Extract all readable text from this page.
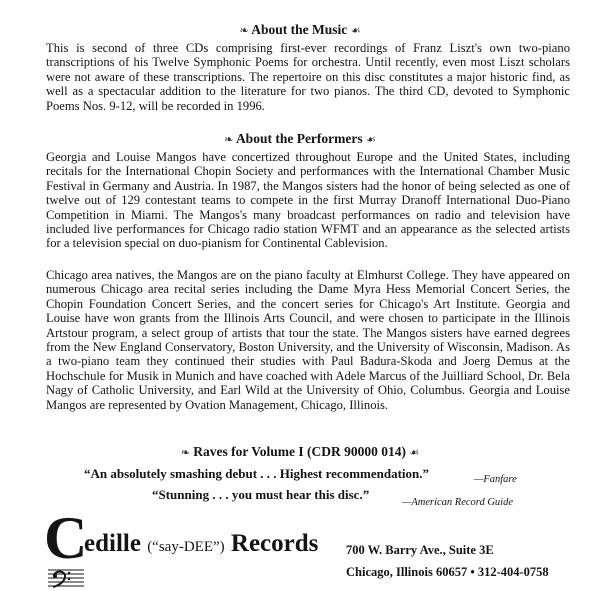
❧ About the Music ☙

This is second of three CDs comprising first-ever recordings of Franz Liszt's own two-piano transcriptions of his Twelve Symphonic Poems for orchestra. Until recently, even most Liszt scholars were not aware of these transcriptions. The repertoire on this disc constitutes a major historic find, as well as a spectacular addition to the literature for two pianos. The third CD, devoted to Symphonic Poems Nos. 9-12, will be recorded in 1996.

❧ About the Performers ☙

Georgia and Louise Mangos have concertized throughout Europe and the United States, including recitals for the International Chopin Society and performances with the International Chamber Music Festival in Germany and Austria. In 1987, the Mangos sisters had the honor of being selected as one of twelve out of 129 contestant teams to compete in the first Murray Dranoff International Duo-Piano Competition in Miami. The Mangos's many broadcast performances on radio and television have included live performances for Chicago radio station WFMT and an appearance as the selected artists for a television special on duo-pianism for Continental Cablevision.

Chicago area natives, the Mangos are on the piano faculty at Elmhurst College. They have appeared on numerous Chicago area recital series including the Dame Myra Hess Memorial Concert Series, the Chopin Foundation Concert Series, and the concert series for Chicago's Art Institute. Georgia and Louise have won grants from the Illinois Arts Council, and were chosen to participate in the Illinois Artstour program, a select group of artists that tour the state. The Mangos sisters have earned degrees from the New England Conservatory, Boston University, and the University of Wisconsin, Madison. As a two-piano team they continued their studies with Paul Badura-Skoda and Joerg Demus at the Hochschule for Musik in Munich and have coached with Adele Marcus of the Juilliard School, Dr. Bela Nagy of Catholic University, and Earl Wild at the University of Ohio, Columbus. Georgia and Louise Mangos are represented by Ovation Management, Chicago, Illinois.

❧ Raves for Volume I (CDR 90000 014) ☙
“An absolutely smashing debut . . . Highest recommendation.”	—Fanfare
“Stunning . . . you must hear this disc.”
—American Record Guide
C
edille (“say-DEE”) Records 700 W. Barry Ave., Suite 3E
Chicago, Illinois 60657 • 312-404-0758
